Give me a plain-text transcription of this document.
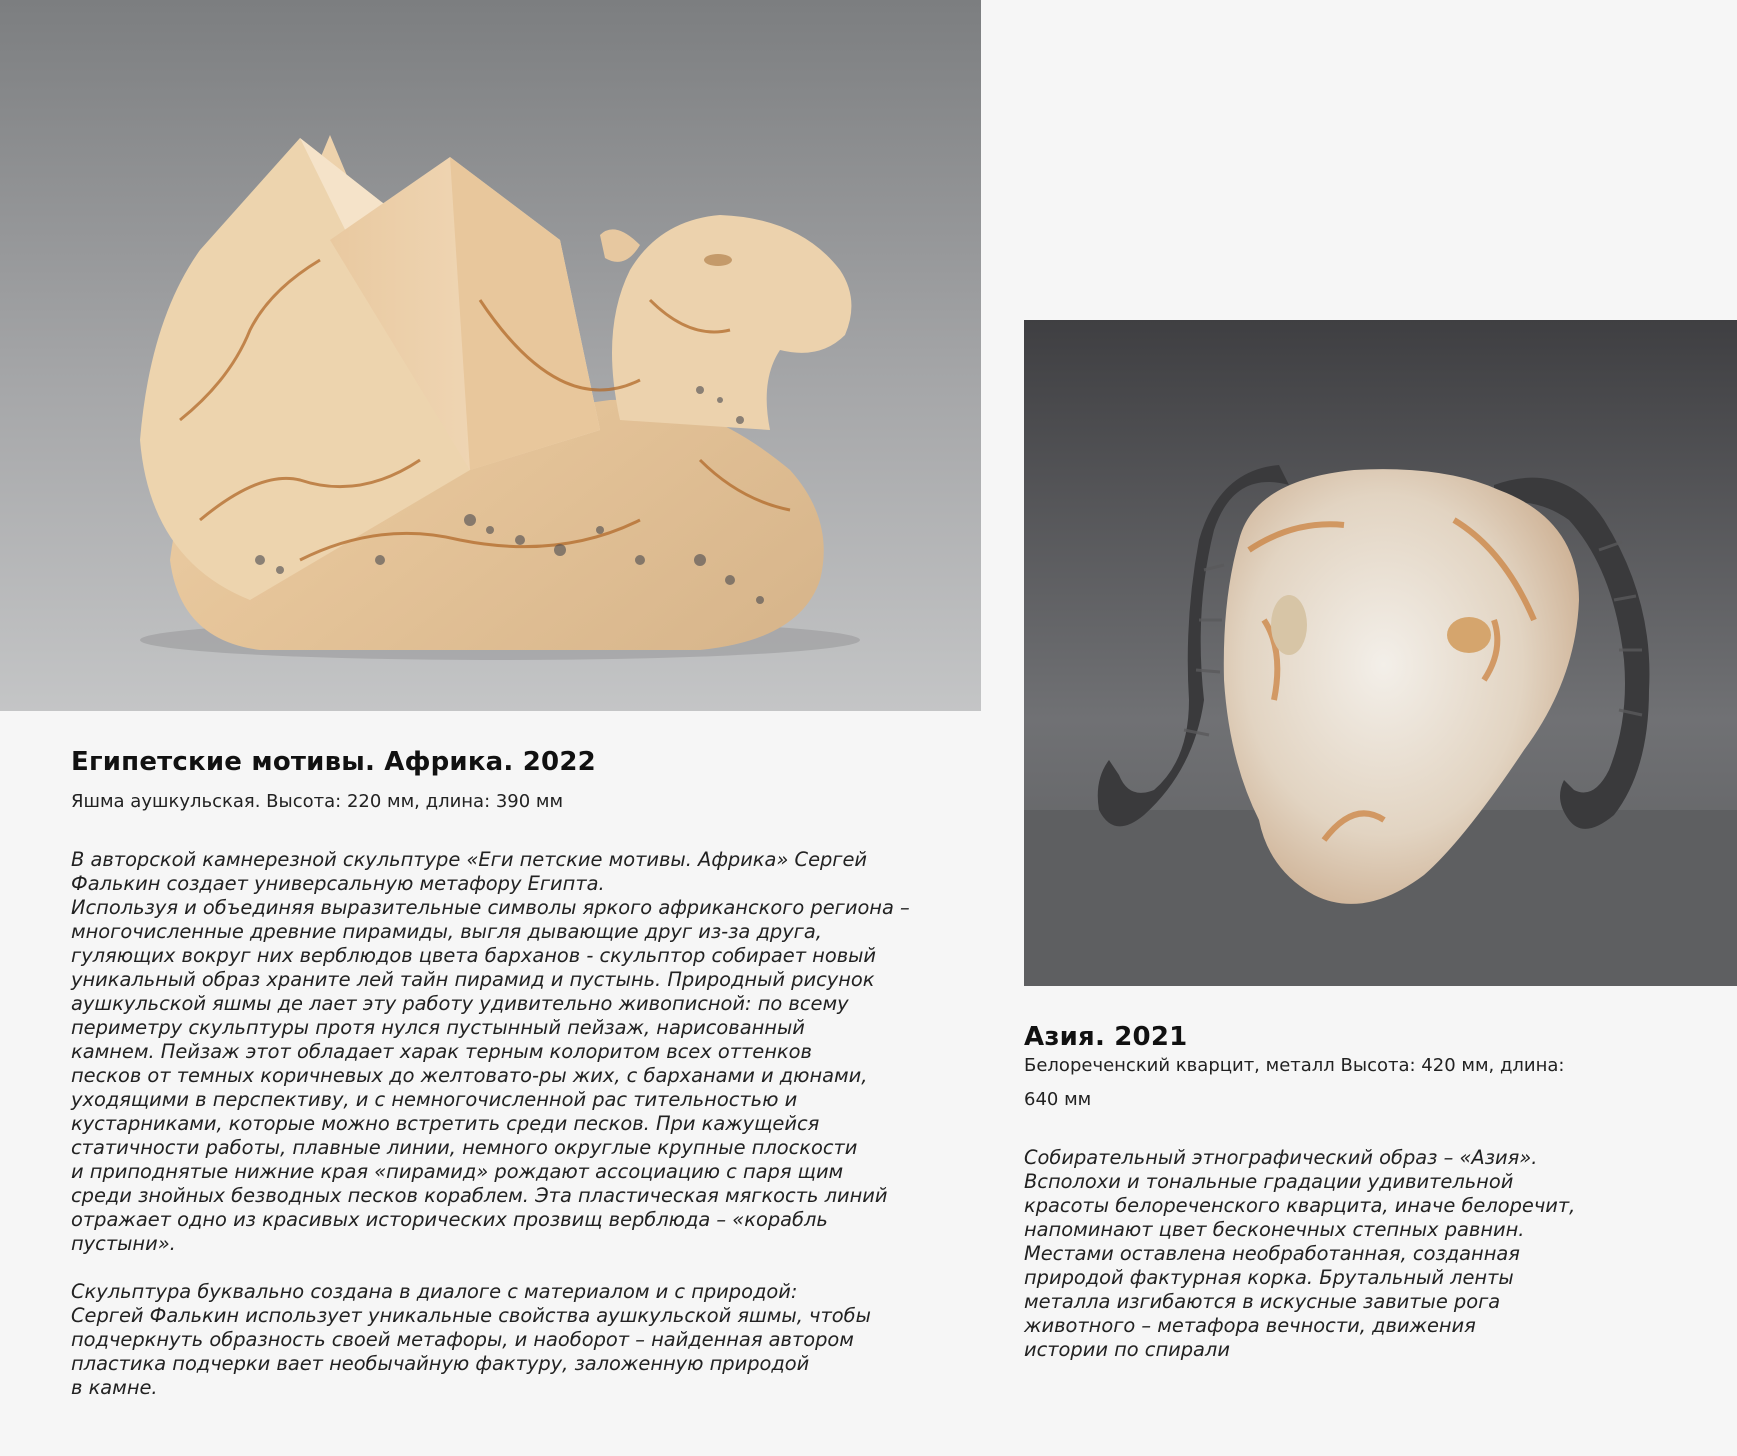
Египетские мотивы. Африка. 2022

Яшма аушкульская. Высота: 220 мм, длина: 390 мм

В авторской камнерезной скульптуре «Еги петские мотивы. Африка» Сергей
Фалькин создает универсальную метафору Египта.
Используя и объединяя выразительные символы яркого африканского региона –
многочисленные древние пирамиды, выгля дывающие друг из-за друга,
гуляющих вокруг них верблюдов цвета барханов - скульптор собирает новый
уникальный образ храните лей тайн пирамид и пустынь. Природный рисунок
аушкульской яшмы де лает эту работу удивительно живописной: по всему
периметру скульптуры протя нулся пустынный пейзаж, нарисованный
камнем. Пейзаж этот обладает харак терным колоритом всех оттенков
песков от темных коричневых до желтовато-ры жих, с барханами и дюнами,
уходящими в перспективу, и с немногочисленной рас тительностью и
кустарниками, которые можно встретить среди песков. При кажущейся
статичности работы, плавные линии, немного округлые крупные плоскости
и приподнятые нижние края «пирамид» рождают ассоциацию с паря щим
среди знойных безводных песков кораблем. Эта пластическая мягкость линий
отражает одно из красивых исторических прозвищ верблюда – «корабль
пустыни».
Скульптура буквально создана в диалоге с материалом и с природой:
Сергей Фалькин использует уникальные свойства аушкульской яшмы, чтобы
подчеркнуть образность своей метафоры, и наоборот – найденная автором
пластика подчерки вает необычайную фактуру, заложенную природой
в камне.
Азия. 2021

Белореченский кварцит, металл Высота: 420 мм, длина:
640 мм

Собирательный этнографический образ – «Азия».
Всполохи и тональные градации удивительной
красоты белореченского кварцита, иначе белоречит,
напоминают цвет бесконечных степных равнин.
Местами оставлена необработанная, созданная
природой фактурная корка. Брутальный ленты
металла изгибаются в искусные завитые рога
животного – метафора вечности, движения
истории по спирали
